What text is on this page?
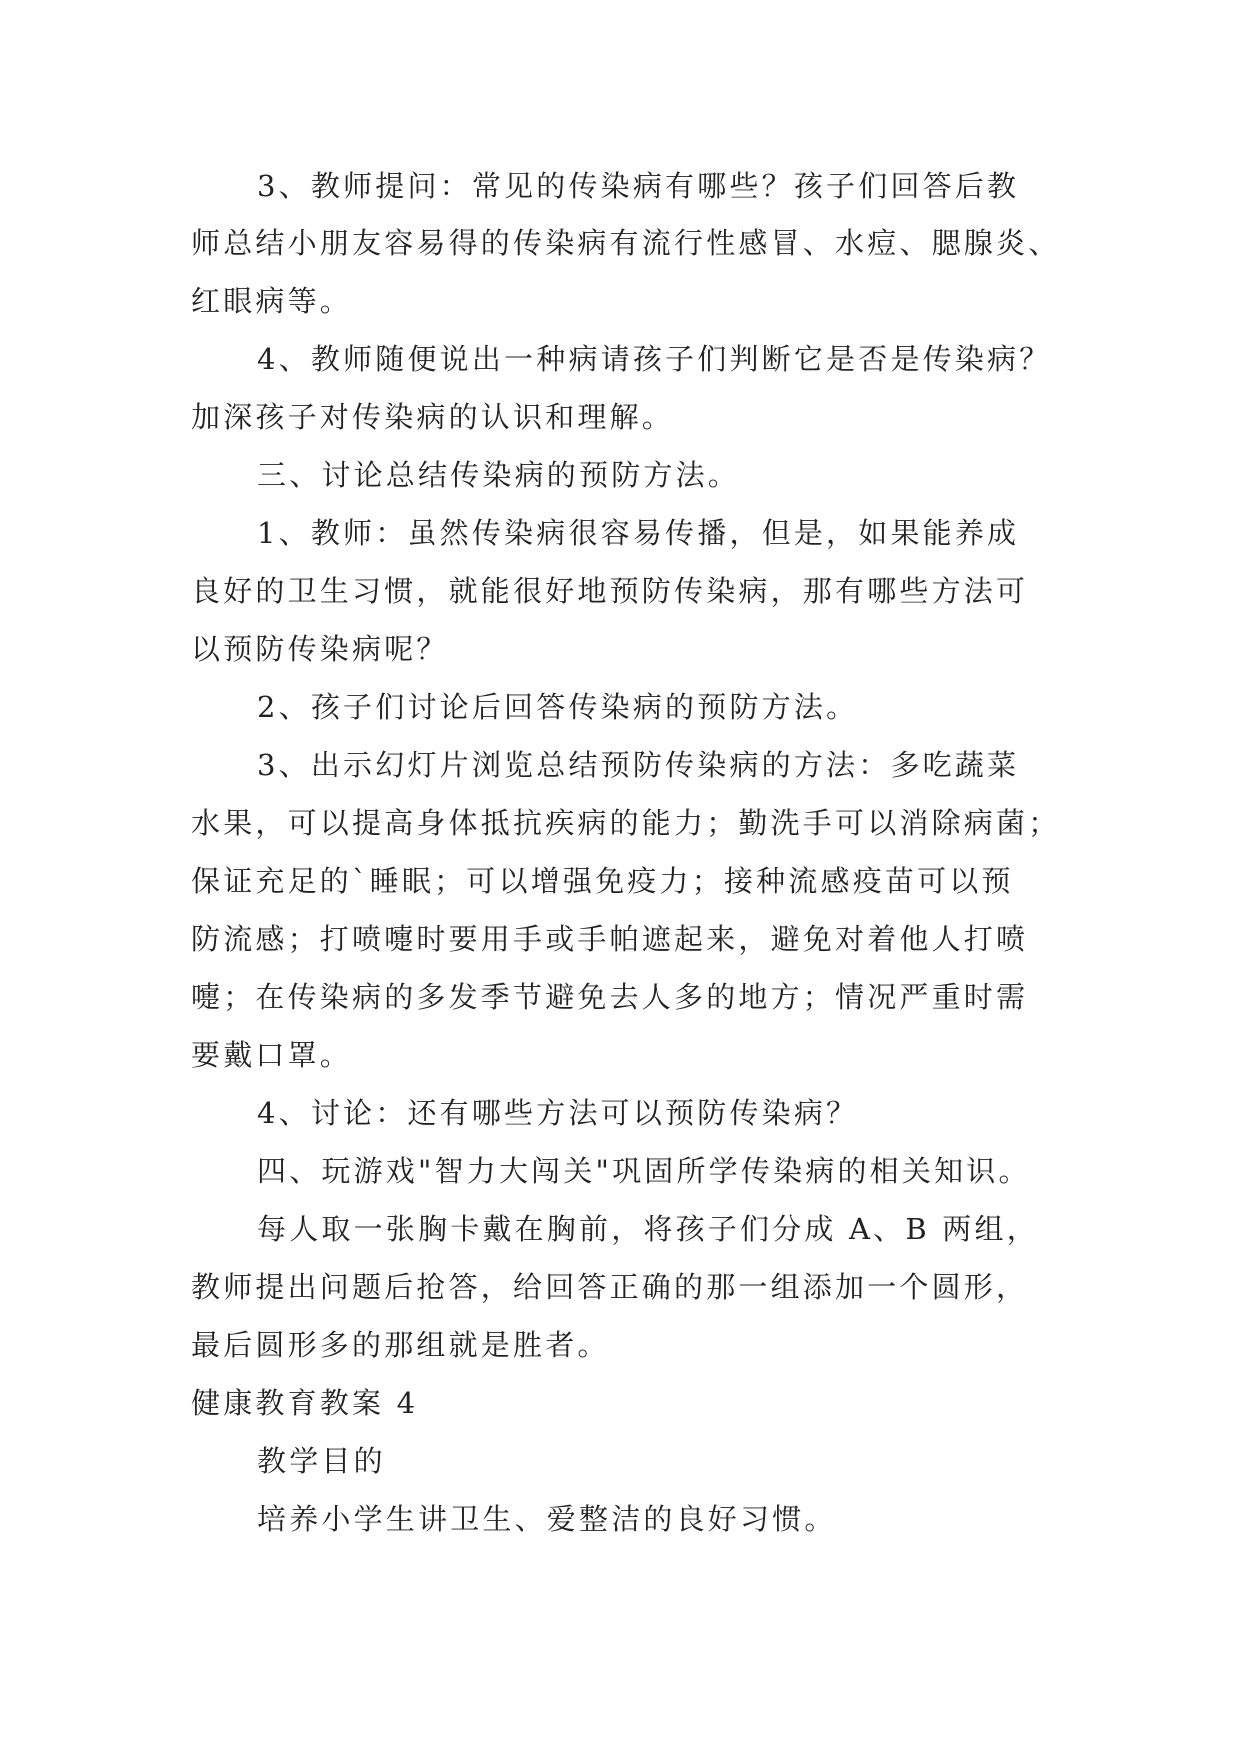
3、教师提问：常见的传染病有哪些？孩子们回答后教
师总结小朋友容易得的传染病有流行性感冒、水痘、腮腺炎、
红眼病等。
4、教师随便说出一种病请孩子们判断它是否是传染病？
加深孩子对传染病的认识和理解。
三、讨论总结传染病的预防方法。
1、教师：虽然传染病很容易传播，但是，如果能养成
良好的卫生习惯，就能很好地预防传染病，那有哪些方法可
以预防传染病呢？
2、孩子们讨论后回答传染病的预防方法。
3、出示幻灯片浏览总结预防传染病的方法：多吃蔬菜
水果，可以提高身体抵抗疾病的能力；勤洗手可以消除病菌；
保证充足的`睡眠；可以增强免疫力；接种流感疫苗可以预
防流感；打喷嚏时要用手或手帕遮起来，避免对着他人打喷
嚏；在传染病的多发季节避免去人多的地方；情况严重时需
要戴口罩。
4、讨论：还有哪些方法可以预防传染病？
四、玩游戏"智力大闯关"巩固所学传染病的相关知识。
每人取一张胸卡戴在胸前，将孩子们分成 A、B 两组，
教师提出问题后抢答，给回答正确的那一组添加一个圆形，
最后圆形多的那组就是胜者。
健康教育教案 4
教学目的
培养小学生讲卫生、爱整洁的良好习惯。
